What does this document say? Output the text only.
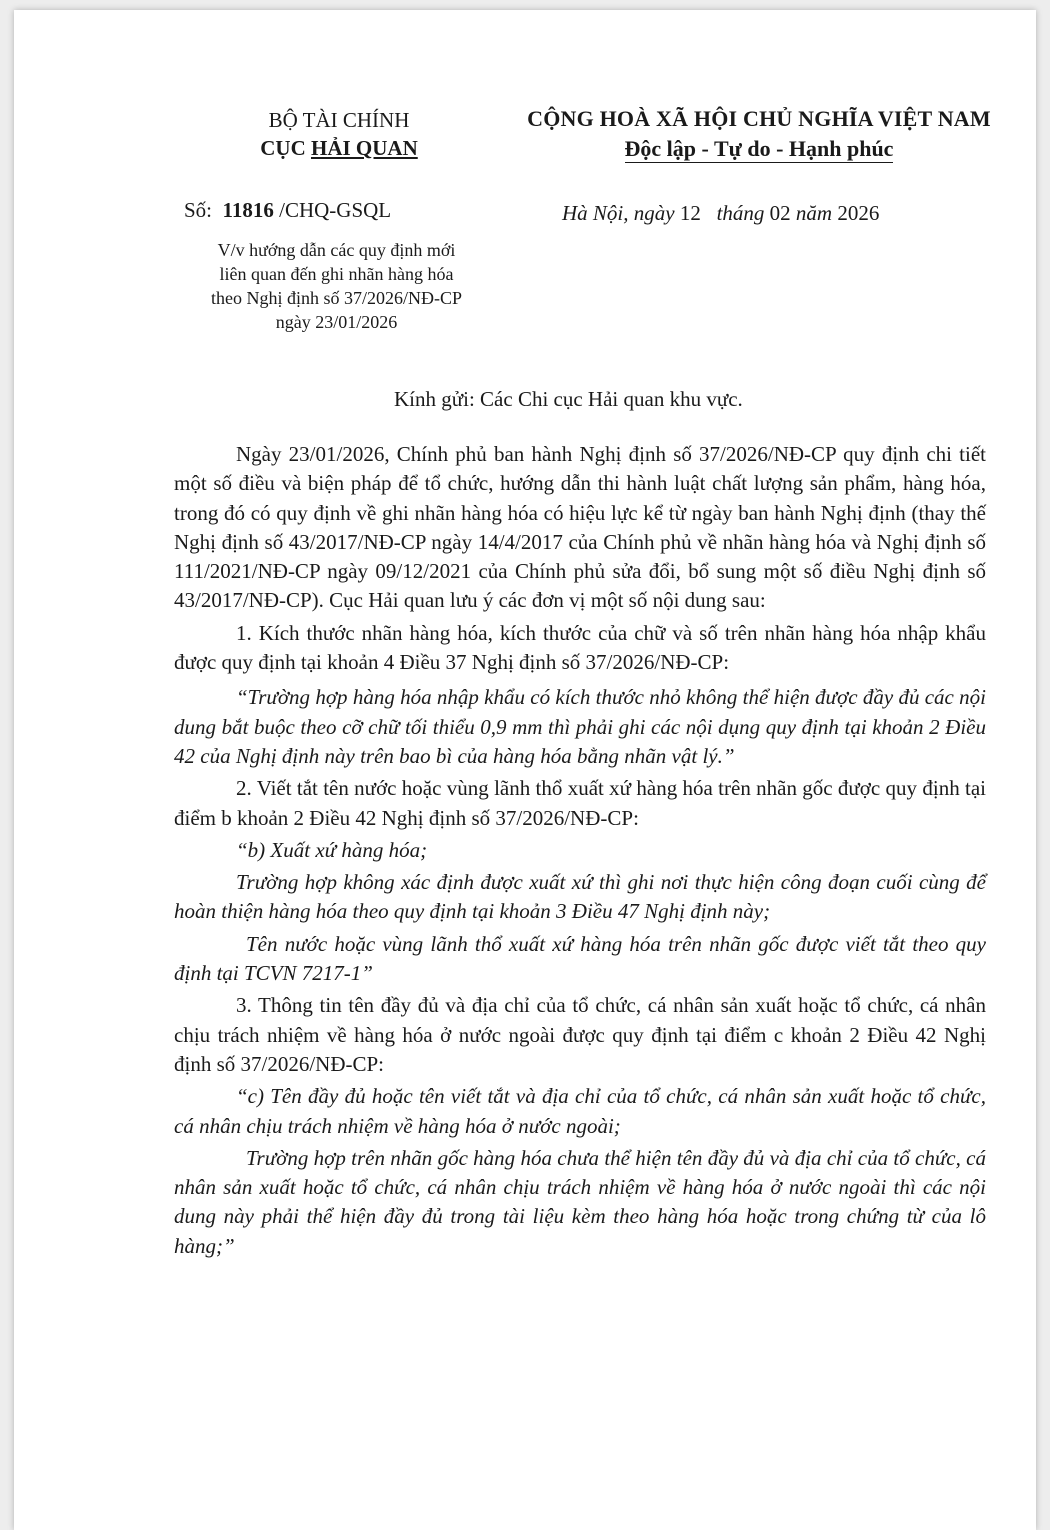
BỘ TÀI CHÍNH
CỤC HẢI QUAN
CỘNG HOÀ XÃ HỘI CHỦ NGHĨA VIỆT NAM
Độc lập - Tự do - Hạnh phúc
Số: 11816 /CHQ-GSQL	Hà Nội, ngày 12 tháng 02 năm 2026
V/v hướng dẫn các quy định mới
liên quan đến ghi nhãn hàng hóa
theo Nghị định số 37/2026/NĐ-CP
ngày 23/01/2026
Kính gửi: Các Chi cục Hải quan khu vực.

Ngày 23/01/2026, Chính phủ ban hành Nghị định số 37/2026/NĐ-CP quy định chi tiết một số điều và biện pháp để tổ chức, hướng dẫn thi hành luật chất lượng sản phẩm, hàng hóa, trong đó có quy định về ghi nhãn hàng hóa có hiệu lực kể từ ngày ban hành Nghị định (thay thế Nghị định số 43/2017/NĐ-CP ngày 14/4/2017 của Chính phủ về nhãn hàng hóa và Nghị định số 111/2021/NĐ-CP ngày 09/12/2021 của Chính phủ sửa đổi, bổ sung một số điều Nghị định số 43/2017/NĐ-CP). Cục Hải quan lưu ý các đơn vị một số nội dung sau:

1. Kích thước nhãn hàng hóa, kích thước của chữ và số trên nhãn hàng hóa nhập khẩu được quy định tại khoản 4 Điều 37 Nghị định số 37/2026/NĐ-CP:

“Trường hợp hàng hóa nhập khẩu có kích thước nhỏ không thể hiện được đầy đủ các nội dung bắt buộc theo cỡ chữ tối thiểu 0,9 mm thì phải ghi các nội dụng quy định tại khoản 2 Điều 42 của Nghị định này trên bao bì của hàng hóa bằng nhãn vật lý.”

2. Viết tắt tên nước hoặc vùng lãnh thổ xuất xứ hàng hóa trên nhãn gốc được quy định tại điểm b khoản 2 Điều 42 Nghị định số 37/2026/NĐ-CP:

“b) Xuất xứ hàng hóa;

Trường hợp không xác định được xuất xứ thì ghi nơi thực hiện công đoạn cuối cùng để hoàn thiện hàng hóa theo quy định tại khoản 3 Điều 47 Nghị định này;

Tên nước hoặc vùng lãnh thổ xuất xứ hàng hóa trên nhãn gốc được viết tắt theo quy định tại TCVN 7217-1”

3. Thông tin tên đầy đủ và địa chỉ của tổ chức, cá nhân sản xuất hoặc tổ chức, cá nhân chịu trách nhiệm về hàng hóa ở nước ngoài được quy định tại điểm c khoản 2 Điều 42 Nghị định số 37/2026/NĐ-CP:

“c) Tên đầy đủ hoặc tên viết tắt và địa chỉ của tổ chức, cá nhân sản xuất hoặc tổ chức, cá nhân chịu trách nhiệm về hàng hóa ở nước ngoài;

Trường hợp trên nhãn gốc hàng hóa chưa thể hiện tên đầy đủ và địa chỉ của tổ chức, cá nhân sản xuất hoặc tổ chức, cá nhân chịu trách nhiệm về hàng hóa ở nước ngoài thì các nội dung này phải thể hiện đầy đủ trong tài liệu kèm theo hàng hóa hoặc trong chứng từ của lô hàng;”
